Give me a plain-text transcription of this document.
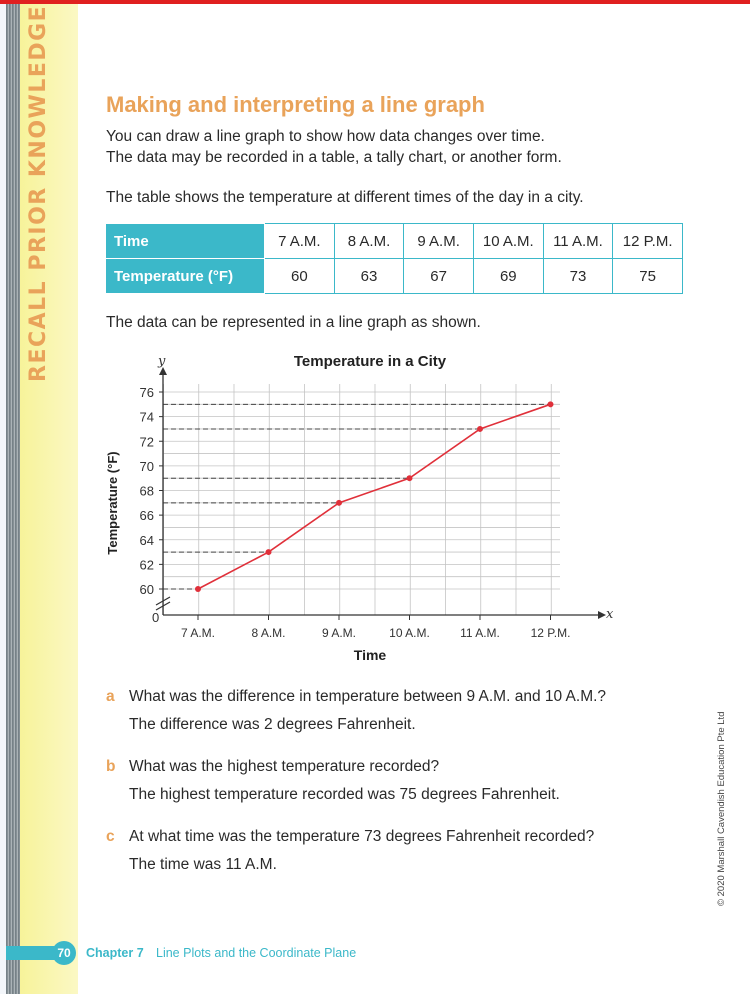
RECALL PRIOR KNOWLEDGE	Making and interpreting a line graph
You can draw a line graph to show how data changes over time.
The data may be recorded in a table, a tally chart, or another form.
The table shows the temperature at different times of the day in a city.
Time	7 A.M.	8 A.M.	9 A.M.	10 A.M.	11 A.M.	12 P.M.
Temperature (°F)	60	63	67	69	73	75
The data can be represented in a line graph as shown.
Temperature in a City
60
62
64
66
68
70
72
74
76
7 A.M.	8 A.M.	9 A.M.	10 A.M.	11 A.M.	12 P.M.
Time
Temperature (°F)
x
y
0
a What was the difference in temperature between 9 A.M. and 10 A.M.?
The difference was 2 degrees Fahrenheit.
b What was the highest temperature recorded?
The highest temperature recorded was 75 degrees Fahrenheit.
c At what time was the temperature 73 degrees Fahrenheit recorded?
The time was 11 A.M.	© 2020 Marshall Cavendish Education Pte Ltd
70	Chapter 7 Line Plots and the Coordinate Plane
